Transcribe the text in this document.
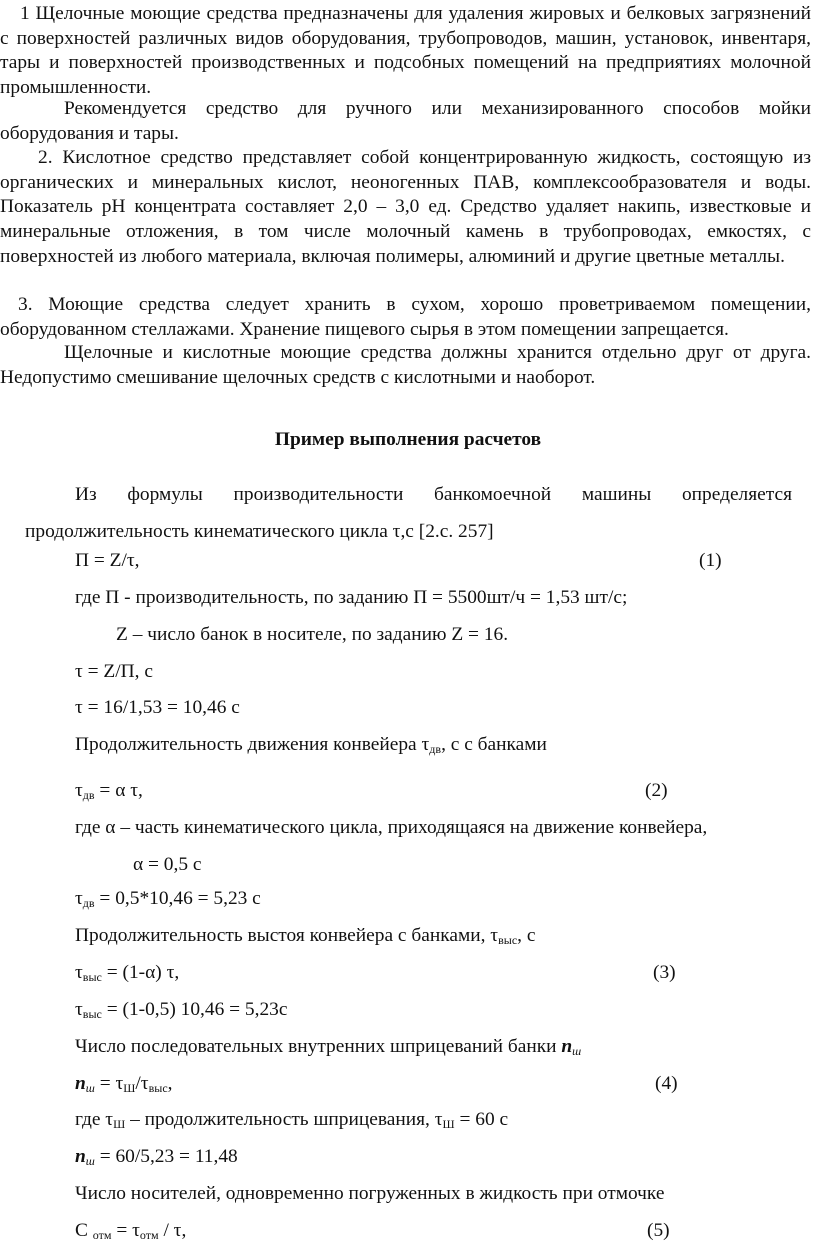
1 Щелочные моющие средства предназначены для удаления жировых и белковых загрязнений с поверхностей различных видов оборудования, трубопроводов, машин, установок, инвентаря, тары и поверхностей производственных и подсобных помещений на предприятиях молочной промышленности.

Рекомендуется средство для ручного или механизированного способов мойки оборудования и тары.

2. Кислотное средство представляет собой концентрированную жидкость, состоящую из органических и минеральных кислот, неоногенных ПАВ, комплексообразователя и воды. Показатель рН концентрата составляет 2,0 – 3,0 ед. Средство удаляет накипь, известковые и минеральные отложения, в том числе молочный камень в трубопроводах, емкостях, с поверхностей из любого материала, включая полимеры, алюминий и другие цветные металлы.

3. Моющие средства следует хранить в сухом, хорошо проветриваемом помещении, оборудованном стеллажами. Хранение пищевого сырья в этом помещении запрещается.

Щелочные и кислотные моющие средства должны хранится отдельно друг от друга. Недопустимо смешивание щелочных средств с кислотными и наоборот.

Пример выполнения расчетов

Из формулы производительности банкомоечной машины определяется продолжительность кинематического цикла τ,с [2.с. 257]

П = Z/τ,	(1)
где П - производительность, по заданию П = 5500шт/ч = 1,53 шт/с;
Z – число банок в носителе, по заданию Z = 16.
τ = Z/П, с
τ = 16/1,53 = 10,46 с
Продолжительность движения конвейера $\tau_{дв}$, с с банками
$\tau_{дв} = \alpha$ τ,	(2)
где α – часть кинематического цикла, приходящаяся на движение конвейера,
α = 0,5 с
$\tau_{дв} = 0,5*10,46 = 5,23$ с
Продолжительность выстоя конвейера с банками, $\tau_{выс}$, с
$\tau_{выс} = (1-\alpha)$ τ,	(3)
$\tau_{выс} = (1-0,5) 10,46 = 5,23с$
Число последовательных внутренних шприцеваний банки $n_ш$
$n_ш = \tau_Ш/\tau_{выс}$,	(4)
где $\tau_Ш$ – продолжительность шприцевания, $\tau_Ш = 60$ с
$n_ш = 60/5,23 = 11,48$
Число носителей, одновременно погруженных в жидкость при отмочке
С $_{отм} = \tau_{отм} / \tau$,	(5)
